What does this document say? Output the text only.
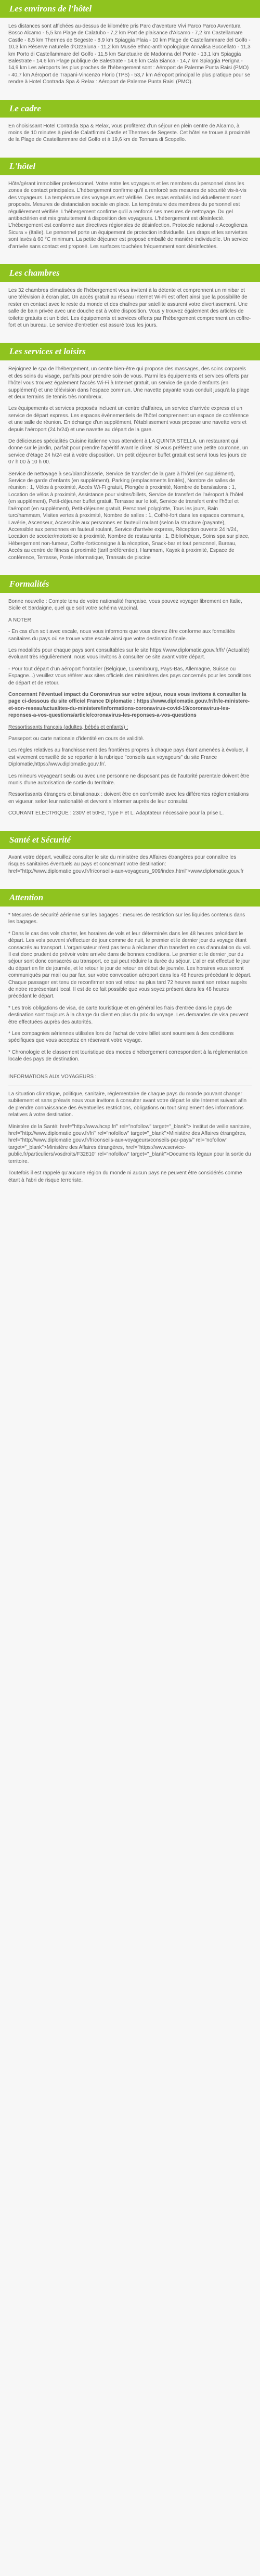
Les environs de l'hôtel

Les distances sont affichées au-dessus de kilométre pris Parc d'aventure Vivi Parco Parco Avventura Bosco Alcamo - 5,5 km Plage de Calatubo - 7,2 km Port de plaisance d'Alcamo - 7,2 km Castellamare Castle - 8,5 km Thermes de Segeste - 8,9 km Spiaggia Plaia - 10 km Plage de Castellammare del Golfo - 10,3 km Réserve naturelle d'Ozzaluna - 11,2 km Musée ethno-anthropologique Annalisa Buccellato - 11,3 km Porto di Castellammare del Golfo - 11,5 km Sanctuaire de Madonna del Ponte - 13,1 km Spiaggia Balestrate - 14,6 km Plage publique de Balestrate - 14,6 km Cala Bianca - 14,7 km Spiaggia Perigna - 14,9 km Les aéroports les plus proches de l'hébergement sont : Aéroport de Palerme Punta Raisi (PMO) - 40,7 km Aéroport de Trapani-Vincenzo Florio (TPS) - 53,7 km Aéroport principal le plus pratique pour se rendre à Hotel Contrada Spa & Relax : Aéroport de Palerme Punta Raisi (PMO).

Le cadre

En choisissant Hotel Contrada Spa & Relax, vous profiterez d'un séjour en plein centre de Alcamo, à moins de 10 minutes à pied de Calatfimmi Castle et Thermes de Segeste. Cet hôtel se trouve à proximité de la Plage de Castellammare del Golfo et à 19,6 km de Tonnara di Scopello.

L'hôtel

Hôte/gérant immobilier professionnel. Votre entre les voyageurs et les membres du personnel dans les zones de contact principales. L'hébergement confirme qu'il a renforcé ses mesures de sécurité vis-à-vis des voyageurs. La température des voyageurs est vérifiée. Des repas emballés individuellement sont proposés. Mesures de distanciation sociale en place. La température des membres du personnel est régulièrement vérifiée. L'hébergement confirme qu'il a renforcé ses mesures de nettoyage. Du gel antibactérien est mis gratuitement à disposition des voyageurs. L'hébergement est désinfecté. L'hébergement est conforme aux directives régionales de désinfection. Protocole national « Accoglienza Sicura » (Italie). Le personnel porte un équipement de protection individuelle. Les draps et les serviettes sont lavés à 60 °C minimum. La petite déjeuner est proposé emballé de manière individuelle. Un service d'arrivée sans contact est proposé. Les surfaces touchées fréquemment sont désinfectées.

Les chambres

Les 32 chambres climatisées de l'hébergement vous invitent à la détente et comprennent un minibar et une télévision à écran plat. Un accès gratuit au réseau Internet Wi-Fi est offert ainsi que la possibilité de rester en contact avec le reste du monde et des chaînes par satellite assurent votre divertissement. Une salle de bain privée avec une douche est à votre disposition. Vous y trouvez également des articles de toilette gratuits et un bidet. Les équipements et services offerts par l'hébergement comprennent un coffre-fort et un bureau. Le service d'entretien est assuré tous les jours.

Les services et loisirs

Rejoignez le spa de l'hébergement, un centre bien-être qui propose des massages, des soins corporels et des soins du visage, parfaits pour prendre soin de vous. Parmi les équipements et services offerts par l'hôtel vous trouvez également l'accès Wi-Fi à Internet gratuit, un service de garde d'enfants (en supplément) et une télévision dans l'espace commun. Une navette payante vous conduit jusqu'à la plage et deux terrains de tennis très nombreux.

Les équipements et services proposés incluent un centre d'affaires, un service d'arrivée express et un service de départ express. Les espaces événementiels de l'hôtel comprennent un espace de conférence et une salle de réunion. En échange d'un supplément, l'établissement vous propose une navette vers et depuis l'aéroport (24 h/24) et une navette au départ de la gare.

De délicieuses spécialités Cuisine italienne vous attendent à LA QUINTA STELLA, un restaurant qui donne sur le jardin, parfait pour prendre l'apéritif avant le dîner. Si vous préférez une petite couronne, un service d'étage 24 h/24 est à votre disposition. Un petit déjeuner buffet gratuit est servi tous les jours de 07 h 00 à 10 h 00.

Service de nettoyage à sec/blanchisserie, Service de transfert de la gare à l'hôtel (en supplément), Service de garde d'enfants (en supplément), Parking (emplacements limités), Nombre de salles de réunion : 1, Vélos à proximité, Accès Wi-Fi gratuit, Plongée à proximité, Nombre de bars/salons : 1, Location de vélos à proximité, Assistance pour visites/billets, Service de transfert de l'aéroport à l'hôtel (en supplément), Petit-déjeuner buffet gratuit, Terrasse sur le toit, Service de transfert entre l'hôtel et l'aéroport (en supplément), Petit-déjeuner gratuit, Personnel polyglotte, Tous les jours, Bain turc/hammam, Visites vertes à proximité, Nombre de salles : 1, Coffré-fort dans les espaces communs, Lavérie, Ascenseur, Accessible aux personnes en fauteuil roulant (selon la structure (payante), Accessible aux personnes en fauteuil roulant, Service d'arrivée express, Réception ouverte 24 h/24, Location de scooter/motorbike à proximité, Nombre de restaurants : 1, Bibliothèque, Soins spa sur place, Hébergement non-fumeur, Coffre-fort/consigne à la réception, Snack-bar et tout personnel, Bureau, Accès au centre de fitness à proximité (tarif préférentiel), Hammam, Kayak à proximité, Espace de conférence, Terrasse, Poste informatique, Transats de piscine

Formalités

Bonne nouvelle : Compte tenu de votre nationalité française, vous pouvez voyager librement en Italie, Sicile et Sardaigne, quel que soit votre schéma vaccinal.

A NOTER

- En cas d'un soit avec escale, nous vous informons que vous devrez être conforme aux formalités sanitaires du pays où se trouve votre escale ainsi que votre destination finale.

Les modalités pour chaque pays sont consultables sur le site https://www.diplomatie.gouv.fr/fr/ (Actualité) évoluant très régulièrement, nous vous invitons à consulter ce site avant votre départ.

- Pour tout départ d'un aéroport frontalier (Belgique, Luxembourg, Pays-Bas, Allemagne, Suisse ou Espagne...) veuillez vous référer aux sites officiels des ministères des pays concernés pour les conditions de départ et de retour.

Concernant l'éventuel impact du Coronavirus sur votre séjour, nous vous invitons à consulter la page ci-dessous du site officiel France Diplomatie : https://www.diplomatie.gouv.fr/fr/le-ministere-et-son-reseau/actualites-du-ministere/informations-coronavirus-covid-19/coronavirus-les-reponses-a-vos-questions/article/coronavirus-les-reponses-a-vos-questions

Ressortissants français (adultes, bébés et enfants) :

Passeport ou carte nationale d'identité en cours de validité.

Les règles relatives au franchissement des frontières propres à chaque pays étant amenées à évoluer, il est vivement conseillé de se reporter à la rubrique "conseils aux voyageurs" du site France Diplomatie,https://www.diplomatie.gouv.fr/.

Les mineurs voyageant seuls ou avec une personne ne disposant pas de l'autorité parentale doivent être munis d'une autorisation de sortie du territoire.

Ressortissants étrangers et binationaux : doivent être en conformité avec les différentes réglementations en vigueur, selon leur nationalité et devront s'informer auprès de leur consulat.

COURANT ELECTRIQUE : 230V et 50Hz, Type F et L. Adaptateur nécessaire pour la prise L.

Santé et Sécurité

Avant votre départ, veuillez consulter le site du ministère des Affaires étrangères pour connaître les risques sanitaires éventuels au pays et concernant votre destination: href="http://www.diplomatie.gouv.fr/fr/conseils-aux-voyageurs_909/index.html">www.diplomatie.gouv.fr

Attention

* Mesures de sécurité aérienne sur les bagages : mesures de restriction sur les liquides contenus dans les bagages.

* Dans le cas des vols charter, les horaires de vols et leur déterminés dans les 48 heures précédant le départ. Les vols peuvent s'effectuer de jour comme de nuit, le premier et le dernier jour du voyage étant consacrés au transport. L'organisateur n'est pas tenu à réclamer d'un transfert en cas d'annulation du vol. Il est donc prudent de prévoir votre arrivée dans de bonnes conditions. Le premier et le dernier jour du séjour sont donc consacrés au transport, ce qui peut réduire la durée du séjour. L'aller est effectué le jour du départ en fin de journée, et le retour le jour de retour en début de journée. Les horaires vous seront communiqués par mail ou par fax, sur votre convocation aéroport dans les 48 heures précédant le départ. Chaque passager est tenu de reconfirmer son vol retour au plus tard 72 heures avant son retour auprès de notre représentant local. Il est de ce fait possible que vous soyez présent dans les 48 heures précédant le départ.

* Les trois obligations de visa, de carte touristique et en général les frais d'entrée dans le pays de destination sont toujours à la charge du client en plus du prix du voyage. Les demandes de visa peuvent être effectuées auprès des autorités.

* Les compagnies aériennes utilisées lors de l'achat de votre billet sont soumises à des conditions spécifiques que vous acceptez en réservant votre voyage.

* Chronologie et le classement touristique des modes d'hébergement correspondent à la réglementation locale des pays de destination.

INFORMATIONS AUX VOYAGEURS :

La situation climatique, politique, sanitaire, réglementaire de chaque pays du monde pouvant changer subitement et sans préavis nous vous invitons à consulter avant votre départ le site Internet suivant afin de prendre connaissance des éventuelles restrictions, obligations ou tout simplement des informations relatives à votre destination.

Ministère de la Santé: href="http://www.hcsp.fr/" rel="nofollow" target="_blank"> Institut de veille sanitaire, href="http://www.diplomatie.gouv.fr/fr/" rel="nofollow" target="_blank">Ministère des Affaires étrangères, href="http://www.diplomatie.gouv.fr/fr/conseils-aux-voyageurs/conseils-par-pays/" rel="nofollow" target="_blank">Ministère des Affaires étrangères, href="https://www.service-public.fr/particuliers/vosdroits/F32810" rel="nofollow" target="_blank">Documents légaux pour la sortie du territoire.

Toutefois il est rappelé qu'aucune région du monde ni aucun pays ne peuvent être considérés comme étant à l'abri de risque terroriste.
